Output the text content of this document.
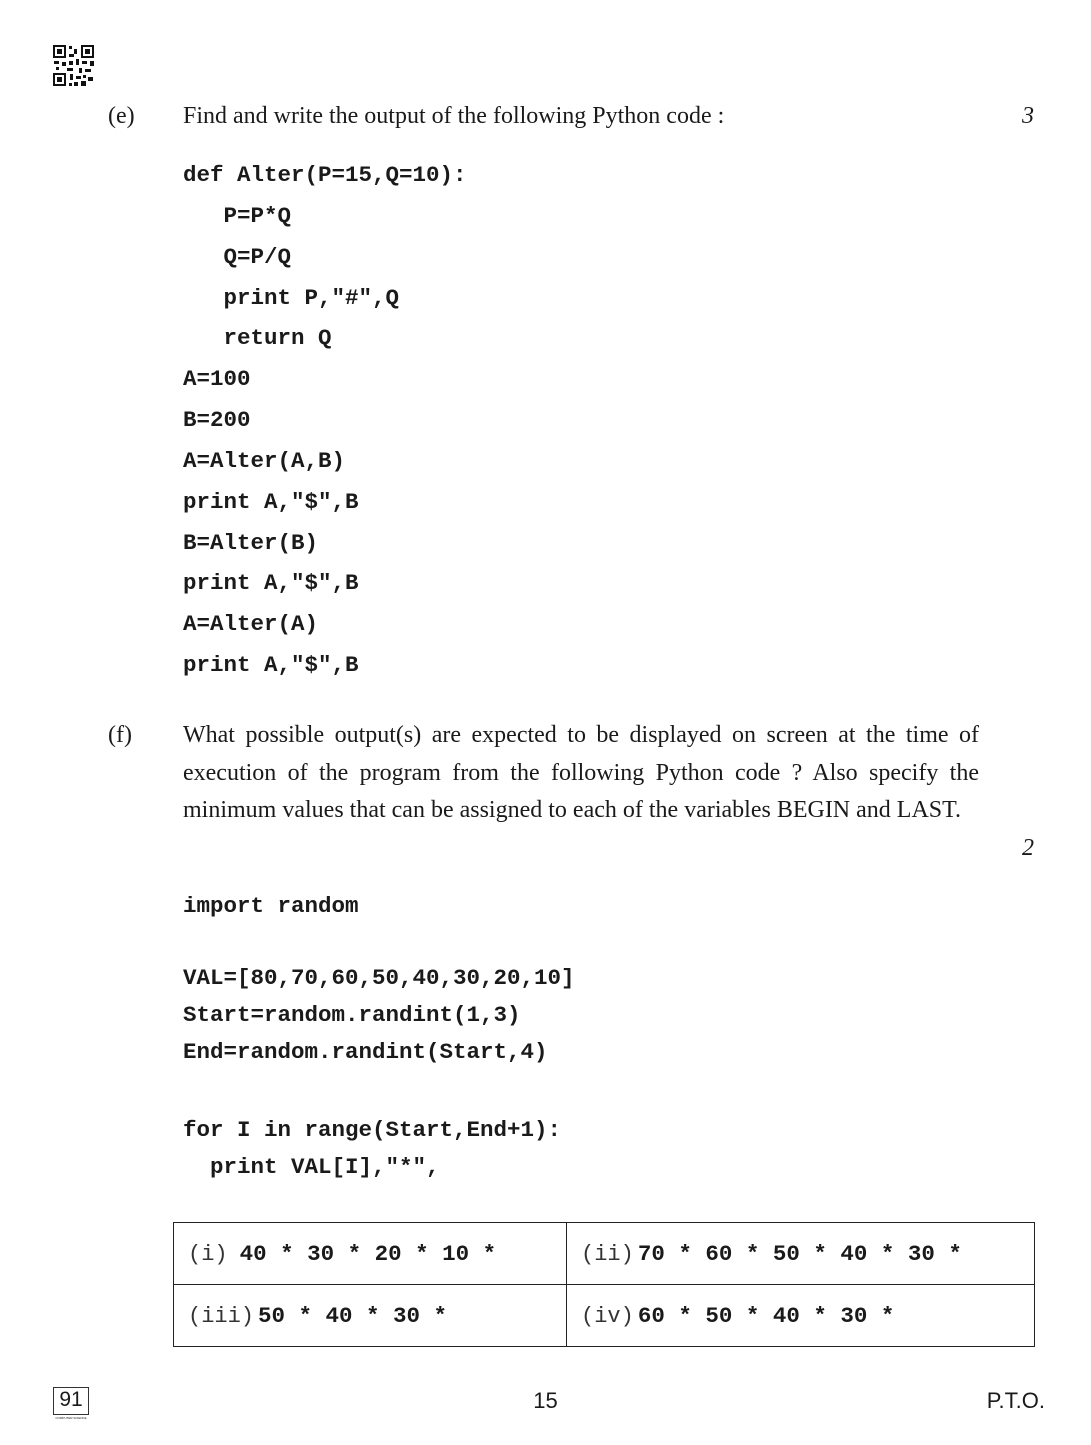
(e) Find and write the output of the following Python code :	3
def Alter(P=15,Q=10):
P=P*Q
Q=P/Q
print P,"#",Q
return Q
A=100
B=200
A=Alter(A,B)
print A,"$",B
B=Alter(B)
print A,"$",B
A=Alter(A)
print A,"$",B
(f) What possible output(s) are expected to be displayed on screen at the time of execution of the program from the following Python code ? Also specify the minimum values that can be assigned to each of the variables BEGIN and LAST.
2
import random
VAL=[80,70,60,50,40,30,20,10]
Start=random.randint(1,3)
End=random.randint(Start,4)
for I in range(Start,End+1):
print VAL[I],"*",
(i) 40 * 30 * 20 * 10 *	(ii) 70 * 60 * 50 * 40 * 30 *
(iii) 50 * 40 * 30 *	(iv) 60 * 50 * 40 * 30 *
91
COMPUTER SCIENCE
15	P.T.O.
